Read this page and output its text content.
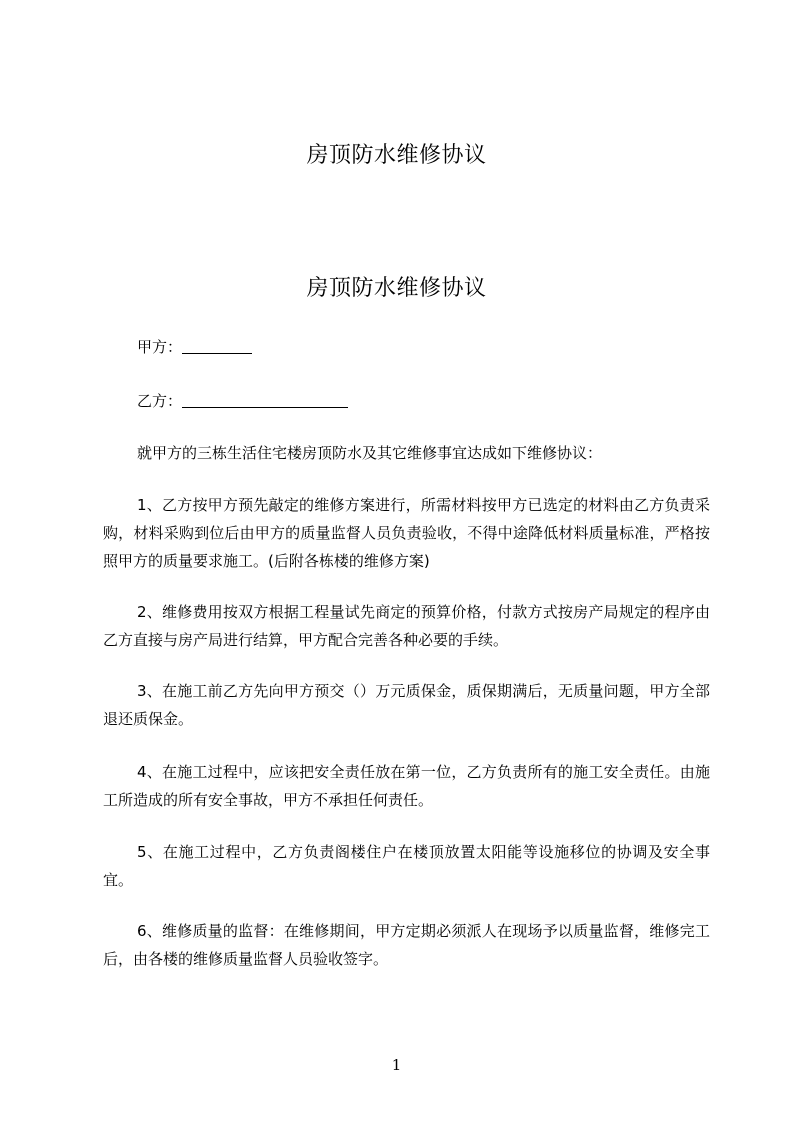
房顶防水维修协议
房顶防水维修协议

甲方：

乙方：

就甲方的三栋生活住宅楼房顶防水及其它维修事宜达成如下维修协议：

1、乙方按甲方预先敲定的维修方案进行，所需材料按甲方已选定的材料由乙方负责采购，材料采购到位后由甲方的质量监督人员负责验收，不得中途降低材料质量标准，严格按照甲方的质量要求施工。(后附各栋楼的维修方案)

2、维修费用按双方根据工程量试先商定的预算价格，付款方式按房产局规定的程序由乙方直接与房产局进行结算，甲方配合完善各种必要的手续。

3、在施工前乙方先向甲方预交（）万元质保金，质保期满后，无质量问题，甲方全部退还质保金。

4、在施工过程中，应该把安全责任放在第一位，乙方负责所有的施工安全责任。由施工所造成的所有安全事故，甲方不承担任何责任。

5、在施工过程中，乙方负责阁楼住户在楼顶放置太阳能等设施移位的协调及安全事宜。

6、维修质量的监督：在维修期间，甲方定期必须派人在现场予以质量监督，维修完工后，由各楼的维修质量监督人员验收签字。

1
